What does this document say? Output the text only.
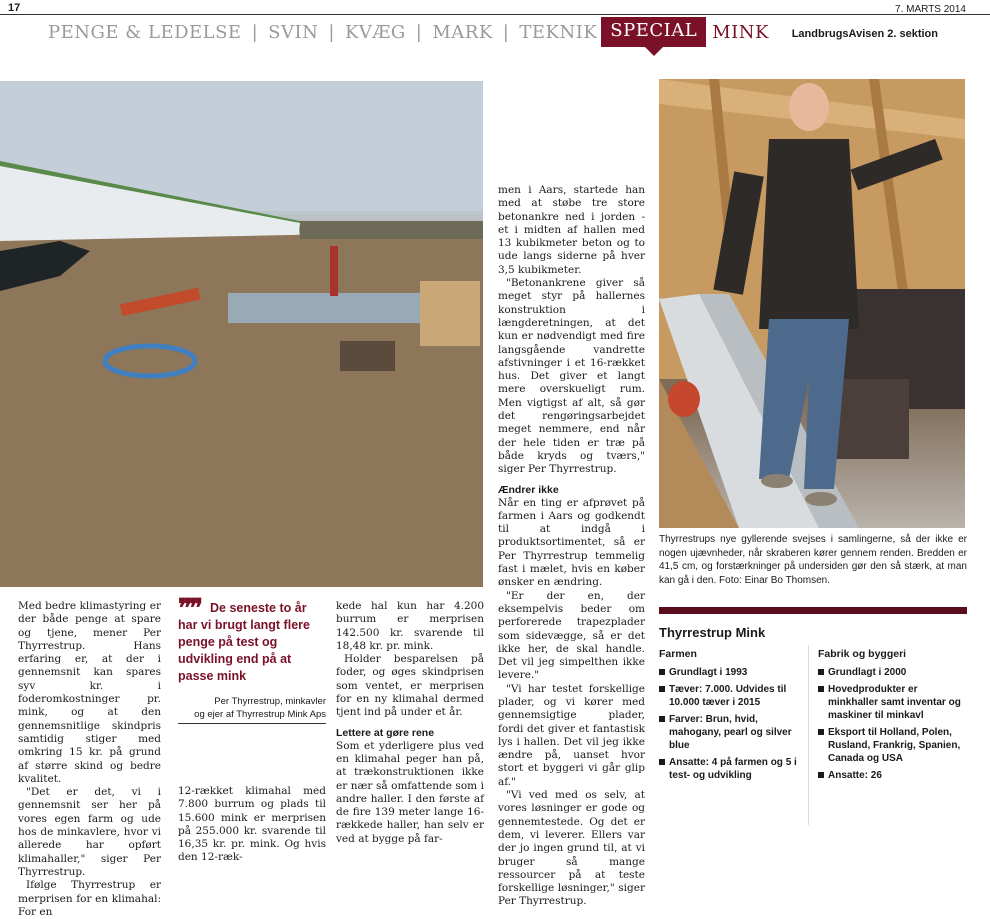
17	7. MARTS 2014
PENGE & LEDELSE | SVIN | KVÆG | MARK | TEKNIK SPECIAL MINK LandbrugsAvisen 2. sektion

Med bedre klimastyring er der både penge at spare og tjene, mener Per Thyrrestrup. Hans erfaring er, at der i gennemsnit kan spares syv kr. i foderomkostninger pr. mink, og at den gennemsnitlige skindpris samtidig stiger med omkring 15 kr. på grund af større skind og bedre kvalitet.

"Det er det, vi i gennemsnit ser her på vores egen farm og ude hos de minkavlere, hvor vi allerede har opført klimahaller," siger Per Thyrrestrup.

Ifølge Thyrrestrup er merprisen for en klimahal: For en

❞❞ De seneste to år har vi brugt langt flere penge på test og udvikling end på at passe mink
Per Thyrrestrup, minkavler
og ejer af Thyrrestrup Mink Aps

12-rækket klimahal med 7.800 burrum og plads til 15.600 mink er merprisen på 255.000 kr. svarende til 16,35 kr. pr. mink. Og hvis den 12-ræk-

kede hal kun har 4.200 burrum er merprisen 142.500 kr. svarende til 18,48 kr. pr. mink.

Holder besparelsen på foder, og øges skindprisen som ventet, er merprisen for en ny klimahal dermed tjent ind på under et år.

Lettere at gøre rene

Som et yderligere plus ved en klimahal peger han på, at trækonstruktionen ikke er nær så omfattende som i andre haller. I den første af de fire 139 meter lange 16-rækkede haller, han selv er ved at bygge på far-

men i Aars, startede han med at støbe tre store betonankre ned i jorden - et i midten af hallen med 13 kubikmeter beton og to ude langs siderne på hver 3,5 kubikmeter.

"Betonankrene giver så meget styr på hallernes konstruktion i længderetningen, at det kun er nødvendigt med fire langsgående vandrette afstivninger i et 16-rækket hus. Det giver et langt mere overskueligt rum. Men vigtigst af alt, så gør det rengøringsarbejdet meget nemmere, end når der hele tiden er træ på både kryds og tværs," siger Per Thyrrestrup.

Ændrer ikke

Når en ting er afprøvet på farmen i Aars og godkendt til at indgå i produktsortimentet, så er Per Thyrrestrup temmelig fast i mælet, hvis en køber ønsker en ændring.

"Er der en, der eksempelvis beder om perforerede trapezplader som sidevægge, så er det ikke her, de skal handle. Det vil jeg simpelthen ikke levere."

"Vi har testet forskellige plader, og vi kører med gennemsigtige plader, fordi det giver et fantastisk lys i hallen. Det vil jeg ikke ændre på, uanset hvor stort et byggeri vi går glip af."

"Vi ved med os selv, at vores løsninger er gode og gennemtestede. Og det er dem, vi leverer. Ellers var der jo ingen grund til, at vi bruger så mange ressourcer på at teste forskellige løsninger," siger Per Thyrrestrup.

Thyrrestrups nye gyllerende svejses i samlingerne, så der ikke er nogen ujævnheder, når skraberen kører gennem renden. Bredden er 41,5 cm, og forstærkninger på undersiden gør den så stærk, at man kan gå i den. Foto: Einar Bo Thomsen.
Thyrrestrup Mink
Farmen
Grundlagt i 1993
Tæver: 7.000. Udvides til 10.000 tæver i 2015
Farver: Brun, hvid, mahogany, pearl og silver blue
Ansatte: 4 på farmen og 5 i test- og udvikling
Fabrik og byggeri
Grundlagt i 2000
Hovedprodukter er minkhaller samt inventar og maskiner til minkavl
Eksport til Holland, Polen, Rusland, Frankrig, Spanien, Canada og USA
Ansatte: 26
